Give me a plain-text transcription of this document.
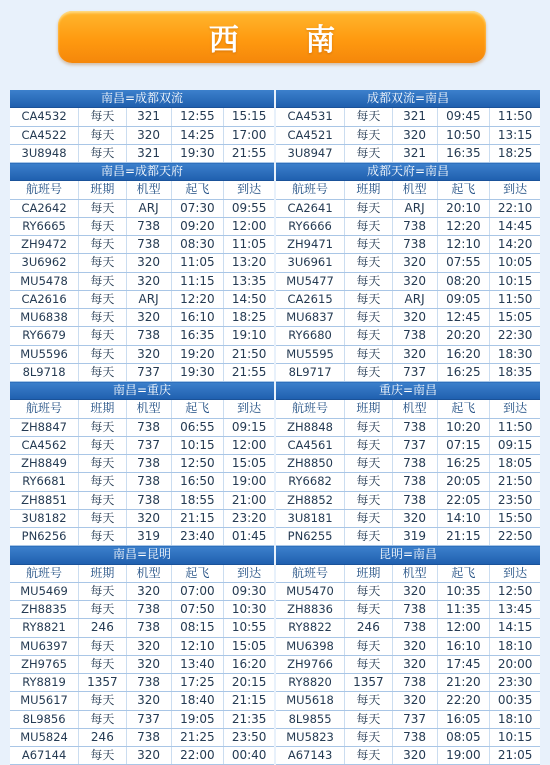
西 南
南昌=成都双流				
CA4532	每天	321	12:55	15:15
CA4522	每天	320	14:25	17:00
3U8948	每天	321	19:30	21:55
南昌=成都天府				
航班号	班期	机型	起飞	到达
CA2642	每天	ARJ	07:30	09:55
RY6665	每天	738	09:20	12:00
ZH9472	每天	738	08:30	11:05
3U6962	每天	320	11:05	13:20
MU5478	每天	320	11:15	13:35
CA2616	每天	ARJ	12:20	14:50
MU6838	每天	320	16:10	18:25
RY6679	每天	738	16:35	19:10
MU5596	每天	320	19:20	21:50
8L9718	每天	737	19:30	21:55
南昌=重庆				
航班号	班期	机型	起飞	到达
ZH8847	每天	738	06:55	09:15
CA4562	每天	737	10:15	12:00
ZH8849	每天	738	12:50	15:05
RY6681	每天	738	16:50	19:00
ZH8851	每天	738	18:55	21:00
3U8182	每天	320	21:15	23:20
PN6256	每天	319	23:40	01:45
南昌=昆明				
航班号	班期	机型	起飞	到达
MU5469	每天	320	07:00	09:30
ZH8835	每天	738	07:50	10:30
RY8821	246	738	08:15	10:55
MU6397	每天	320	12:10	15:05
ZH9765	每天	320	13:40	16:20
RY8819	1357	738	17:25	20:15
MU5617	每天	320	18:40	21:15
8L9856	每天	737	19:05	21:35
MU5824	246	738	21:25	23:50
A67144	每天	320	22:00	00:40
成都双流=南昌				
CA4531	每天	321	09:45	11:50
CA4521	每天	320	10:50	13:15
3U8947	每天	321	16:35	18:25
成都天府=南昌				
航班号	班期	机型	起飞	到达
CA2641	每天	ARJ	20:10	22:10
RY6666	每天	738	12:20	14:45
ZH9471	每天	738	12:10	14:20
3U6961	每天	320	07:55	10:05
MU5477	每天	320	08:20	10:15
CA2615	每天	ARJ	09:05	11:50
MU6837	每天	320	12:45	15:05
RY6680	每天	738	20:20	22:30
MU5595	每天	320	16:20	18:30
8L9717	每天	737	16:25	18:35
重庆=南昌				
航班号	班期	机型	起飞	到达
ZH8848	每天	738	10:20	11:50
CA4561	每天	737	07:15	09:15
ZH8850	每天	738	16:25	18:05
RY6682	每天	738	20:05	21:50
ZH8852	每天	738	22:05	23:50
3U8181	每天	320	14:10	15:50
PN6255	每天	319	21:15	22:50
昆明=南昌				
航班号	班期	机型	起飞	到达
MU5470	每天	320	10:35	12:50
ZH8836	每天	738	11:35	13:45
RY8822	246	738	12:00	14:15
MU6398	每天	320	16:10	18:10
ZH9766	每天	320	17:45	20:00
RY8820	1357	738	21:20	23:30
MU5618	每天	320	22:20	00:35
8L9855	每天	737	16:05	18:10
MU5823	每天	738	08:05	10:15
A67143	每天	320	19:00	21:05
